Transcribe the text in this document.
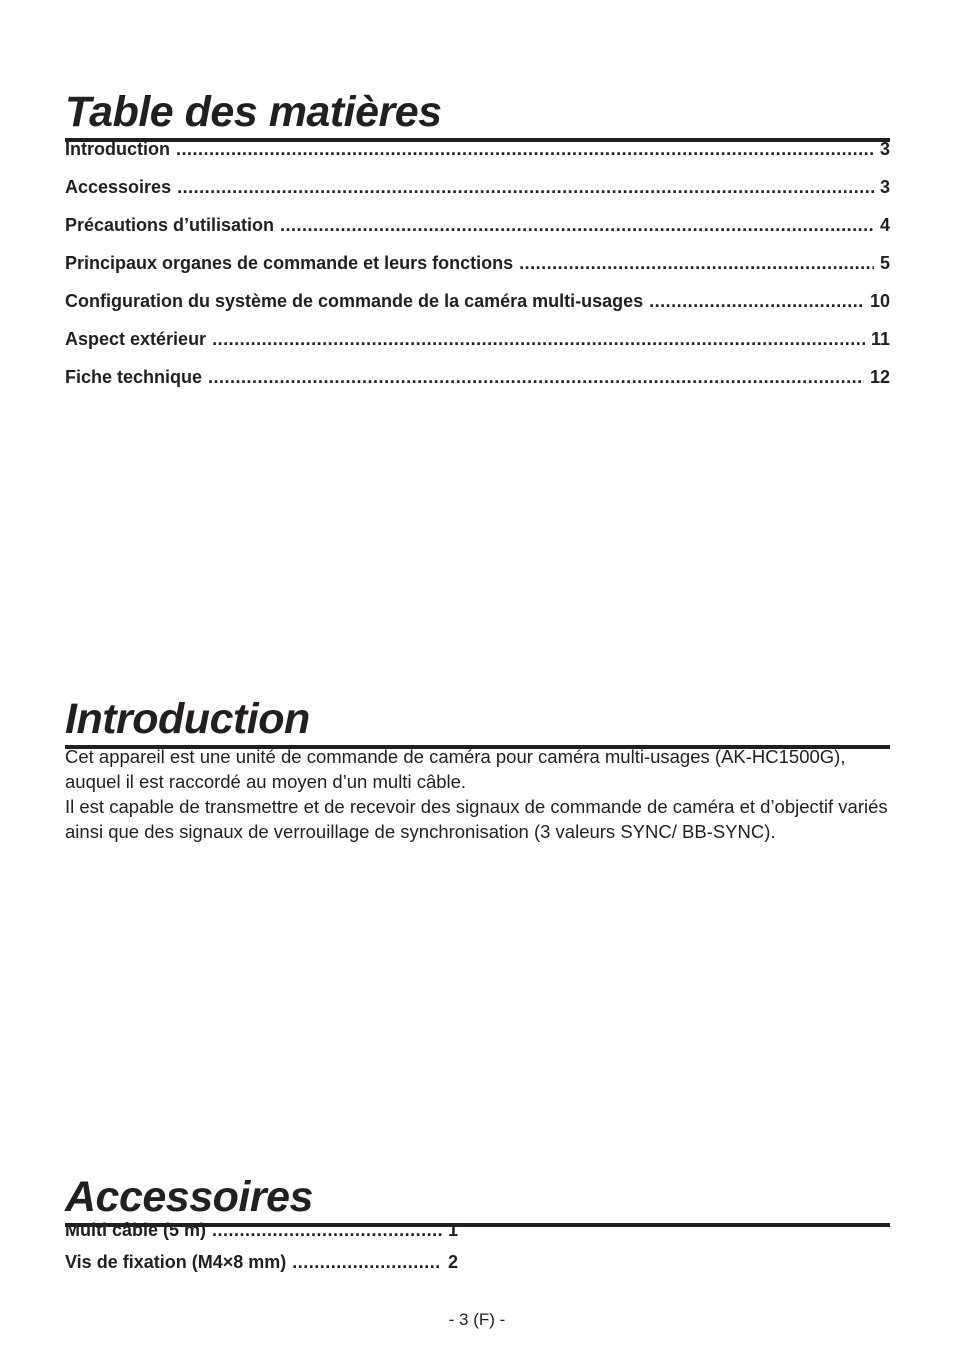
Table des matières
Introduction .....	3
Accessoires .....	3
Précautions d’utilisation .....	4
Principaux organes de commande et leurs fonctions .....	5
Configuration du système de commande de la caméra multi-usages .....	10
Aspect extérieur .....	11
Fiche technique .....	12
Introduction

Cet appareil est une unité de commande de caméra pour caméra multi-usages (AK-HC1500G), auquel il est raccordé au moyen d’un multi câble.

Il est capable de transmettre et de recevoir des signaux de commande de caméra et d’objectif variés ainsi que des signaux de verrouillage de synchronisation (3 valeurs SYNC/ BB-SYNC).

Accessoires
Multi câble (5 m) .....	1
Vis de fixation (M4×8 mm) .....	2
- 3 (F) -
